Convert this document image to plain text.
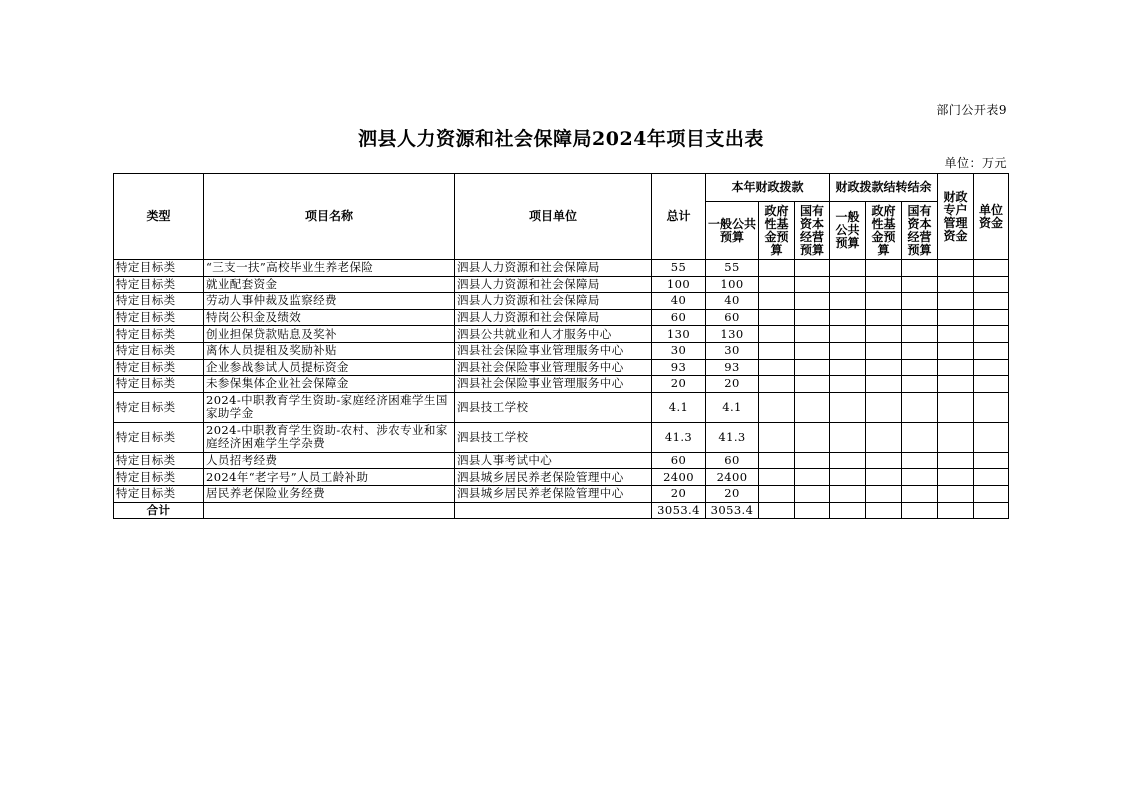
部门公开表9
泗县人力资源和社会保障局2024年项目支出表
单位：万元
类型	项目名称	项目单位	总计	本年财政拨款			财政拨款结转结余			财政专户管理资金	单位资金
				一般公共预算	政府性基金预算	国有资本经营预算	一般公共预算	政府性基金预算	国有资本经营预算		
特定目标类	“三支一扶”高校毕业生养老保险	泗县人力资源和社会保障局	55	55							
特定目标类	就业配套资金	泗县人力资源和社会保障局	100	100							
特定目标类	劳动人事仲裁及监察经费	泗县人力资源和社会保障局	40	40							
特定目标类	特岗公积金及绩效	泗县人力资源和社会保障局	60	60							
特定目标类	创业担保贷款贴息及奖补	泗县公共就业和人才服务中心	130	130							
特定目标类	离休人员提租及奖励补贴	泗县社会保险事业管理服务中心	30	30							
特定目标类	企业参战参试人员提标资金	泗县社会保险事业管理服务中心	93	93							
特定目标类	未参保集体企业社会保障金	泗县社会保险事业管理服务中心	20	20							
特定目标类	2024-中职教育学生资助-家庭经济困难学生国家助学金	泗县技工学校	4.1	4.1							
特定目标类	2024-中职教育学生资助-农村、涉农专业和家庭经济困难学生学杂费	泗县技工学校	41.3	41.3							
特定目标类	人员招考经费	泗县人事考试中心	60	60							
特定目标类	2024年“老字号”人员工龄补助	泗县城乡居民养老保险管理中心	2400	2400							
特定目标类	居民养老保险业务经费	泗县城乡居民养老保险管理中心	20	20							
合计			3053.4	3053.4							
